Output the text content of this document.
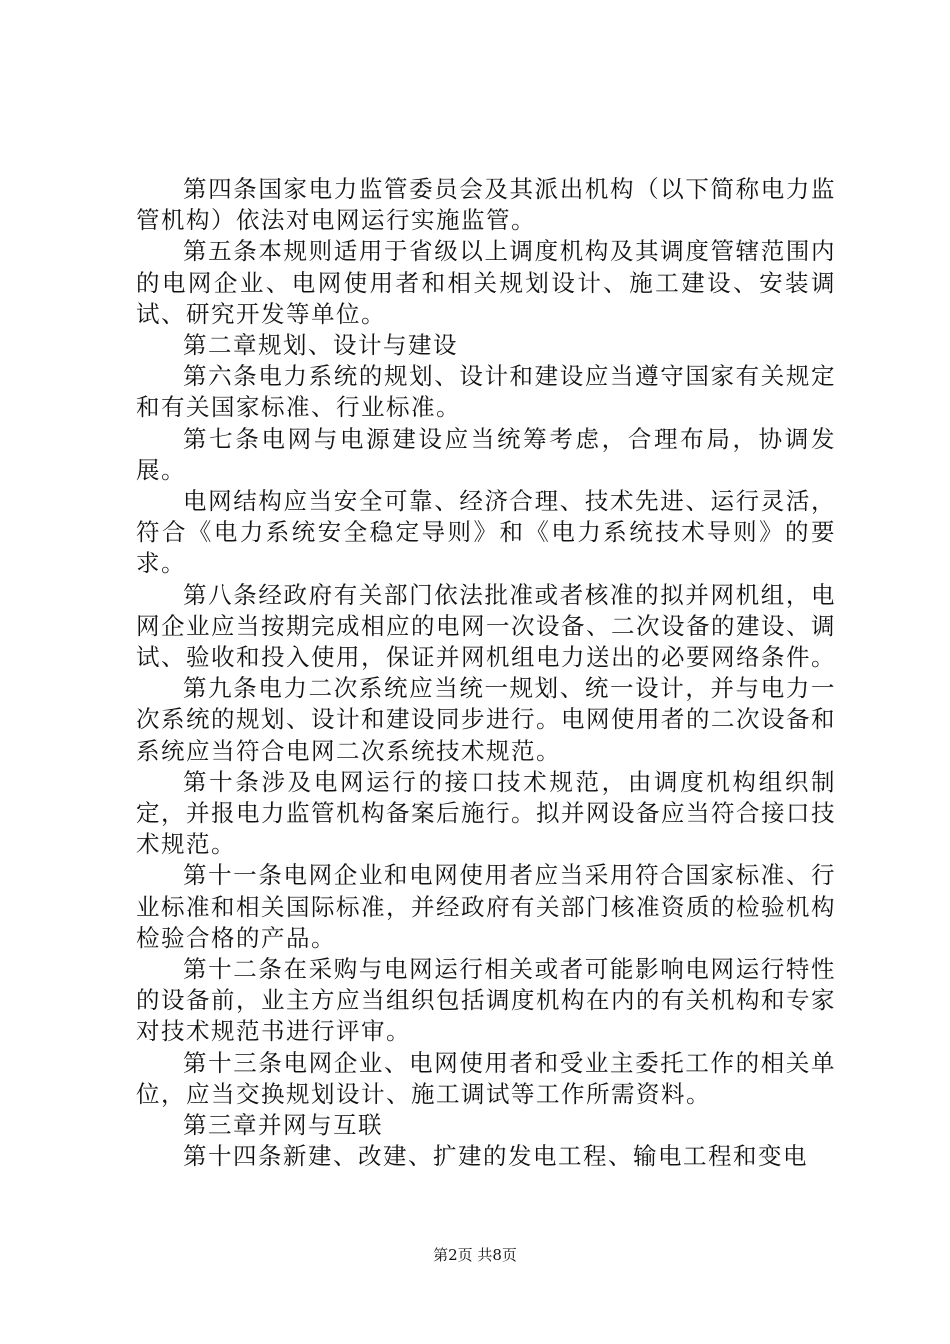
第四条国家电力监管委员会及其派出机构（以下简称电力监管机构）依法对电网运行实施监管。

第五条本规则适用于省级以上调度机构及其调度管辖范围内的电网企业、电网使用者和相关规划设计、施工建设、安装调试、研究开发等单位。

第二章规划、设计与建设

第六条电力系统的规划、设计和建设应当遵守国家有关规定和有关国家标准、行业标准。

第七条电网与电源建设应当统筹考虑，合理布局，协调发展。

电网结构应当安全可靠、经济合理、技术先进、运行灵活，符合《电力系统安全稳定导则》和《电力系统技术导则》的要求。

第八条经政府有关部门依法批准或者核准的拟并网机组，电网企业应当按期完成相应的电网一次设备、二次设备的建设、调试、验收和投入使用，保证并网机组电力送出的必要网络条件。

第九条电力二次系统应当统一规划、统一设计，并与电力一次系统的规划、设计和建设同步进行。电网使用者的二次设备和系统应当符合电网二次系统技术规范。

第十条涉及电网运行的接口技术规范，由调度机构组织制定，并报电力监管机构备案后施行。拟并网设备应当符合接口技术规范。

第十一条电网企业和电网使用者应当采用符合国家标准、行业标准和相关国际标准，并经政府有关部门核准资质的检验机构检验合格的产品。

第十二条在采购与电网运行相关或者可能影响电网运行特性的设备前，业主方应当组织包括调度机构在内的有关机构和专家对技术规范书进行评审。

第十三条电网企业、电网使用者和受业主委托工作的相关单位，应当交换规划设计、施工调试等工作所需资料。

第三章并网与互联

第十四条新建、改建、扩建的发电工程、输电工程和变电

第2页 共8页
